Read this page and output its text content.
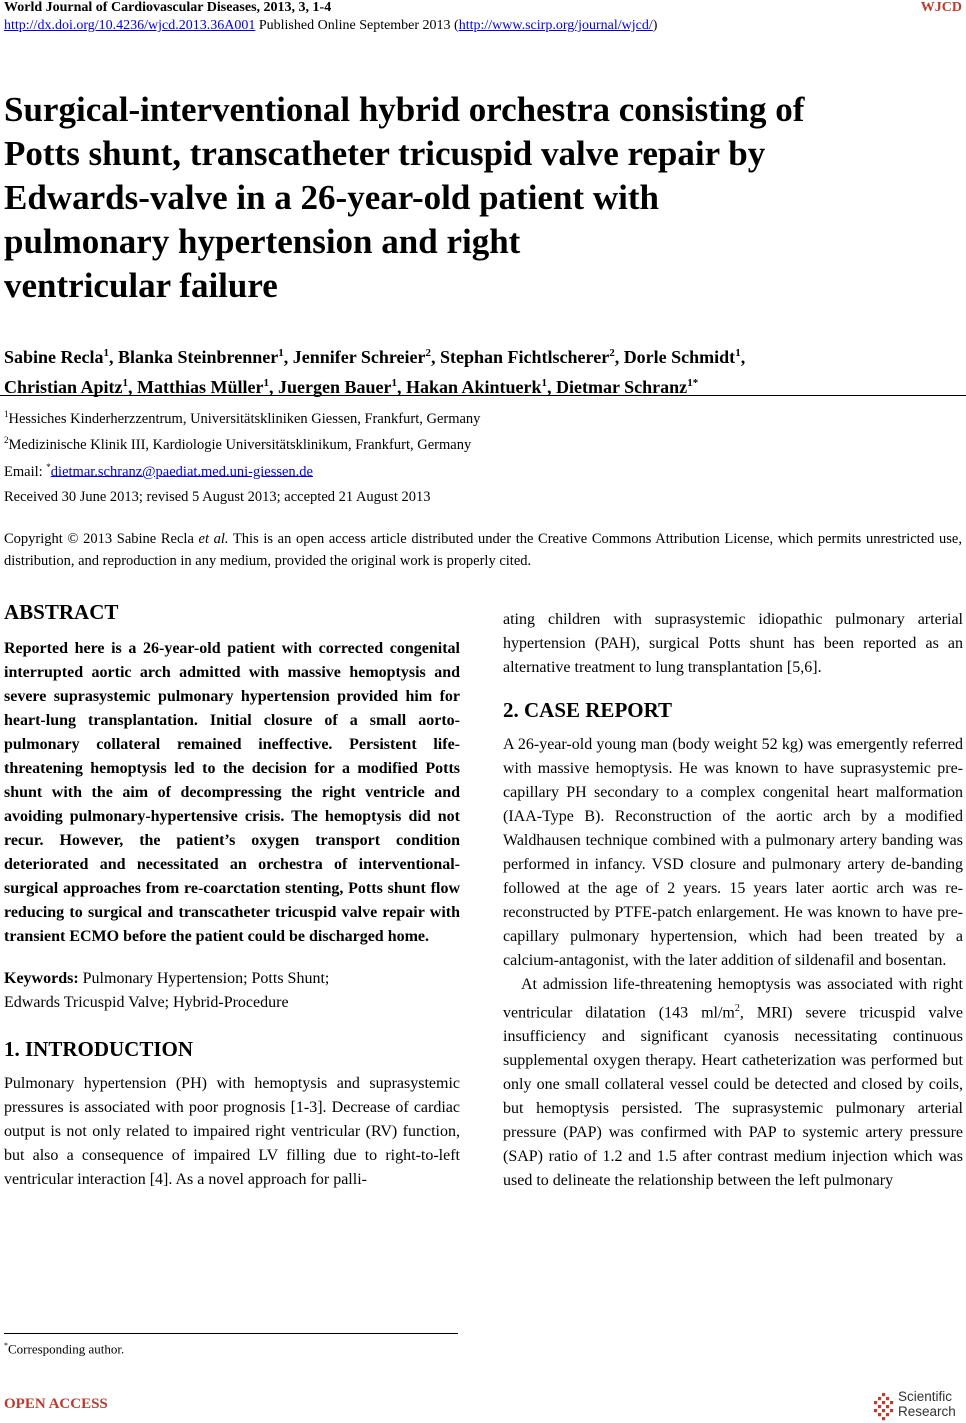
World Journal of Cardiovascular Diseases, 2013, 3, 1-4	WJCD
http://dx.doi.org/10.4236/wjcd.2013.36A001 Published Online September 2013 (http://www.scirp.org/journal/wjcd/)
Surgical-interventional hybrid orchestra consisting of
Potts shunt, transcatheter tricuspid valve repair by
Edwards-valve in a 26-year-old patient with
pulmonary hypertension and right
ventricular failure
Sabine Recla$^1$, Blanka Steinbrenner$^1$, Jennifer Schreier$^2$, Stephan Fichtlscherer$^2$, Dorle Schmidt$^1$,
Christian Apitz$^1$, Matthias Müller$^1$, Juergen Bauer$^1$, Hakan Akintuerk$^1$, Dietmar Schranz$^{1*}$
$^1$Hessiches Kinderherzzentrum, Universitätskliniken Giessen, Frankfurt, Germany
$^2$Medizinische Klinik III, Kardiologie Universitätsklinikum, Frankfurt, Germany
Email: *dietmar.schranz@paediat.med.uni-giessen.de
Received 30 June 2013; revised 5 August 2013; accepted 21 August 2013
Copyright © 2013 Sabine Recla et al. This is an open access article distributed under the Creative Commons Attribution License, which permits unrestricted use, distribution, and reproduction in any medium, provided the original work is properly cited.
ABSTRACT

Reported here is a 26-year-old patient with corrected congenital interrupted aortic arch admitted with massive hemoptysis and severe suprasystemic pulmonary hypertension provided him for heart-lung transplantation. Initial closure of a small aorto-pulmonary collateral remained ineffective. Persistent life-threatening hemoptysis led to the decision for a modified Potts shunt with the aim of decompressing the right ventricle and avoiding pulmonary-hypertensive crisis. The hemoptysis did not recur. However, the patient’s oxygen transport condition deteriorated and necessitated an orchestra of interventional-surgical approaches from re-coarctation stenting, Potts shunt flow reducing to surgical and transcatheter tricuspid valve repair with transient ECMO before the patient could be discharged home.

Keywords: Pulmonary Hypertension; Potts Shunt;
Edwards Tricuspid Valve; Hybrid-Procedure

1. INTRODUCTION

Pulmonary hypertension (PH) with hemoptysis and suprasystemic pressures is associated with poor prognosis [1-3]. Decrease of cardiac output is not only related to impaired right ventricular (RV) function, but also a consequence of impaired LV filling due to right-to-left ventricular interaction [4]. As a novel approach for palli-

ating children with suprasystemic idiopathic pulmonary arterial hypertension (PAH), surgical Potts shunt has been reported as an alternative treatment to lung transplantation [5,6].

2. CASE REPORT

A 26-year-old young man (body weight 52 kg) was emergently referred with massive hemoptysis. He was known to have suprasystemic pre-capillary PH secondary to a complex congenital heart malformation (IAA-Type B). Reconstruction of the aortic arch by a modified Waldhausen technique combined with a pulmonary artery banding was performed in infancy. VSD closure and pulmonary artery de-banding followed at the age of 2 years. 15 years later aortic arch was re-reconstructed by PTFE-patch enlargement. He was known to have pre-capillary pulmonary hypertension, which had been treated by a calcium-antagonist, with the later addition of sildenafil and bosentan.

At admission life-threatening hemoptysis was associated with right ventricular dilatation (143 $ml/m^2$, MRI) severe tricuspid valve insufficiency and significant cyanosis necessitating continuous supplemental oxygen therapy. Heart catheterization was performed but only one small collateral vessel could be detected and closed by coils, but hemoptysis persisted. The suprasystemic pulmonary arterial pressure (PAP) was confirmed with PAP to systemic artery pressure (SAP) ratio of 1.2 and 1.5 after contrast medium injection which was used to delineate the relationship between the left pulmonary

*Corresponding author.
OPEN ACCESS	Scientific
Research
